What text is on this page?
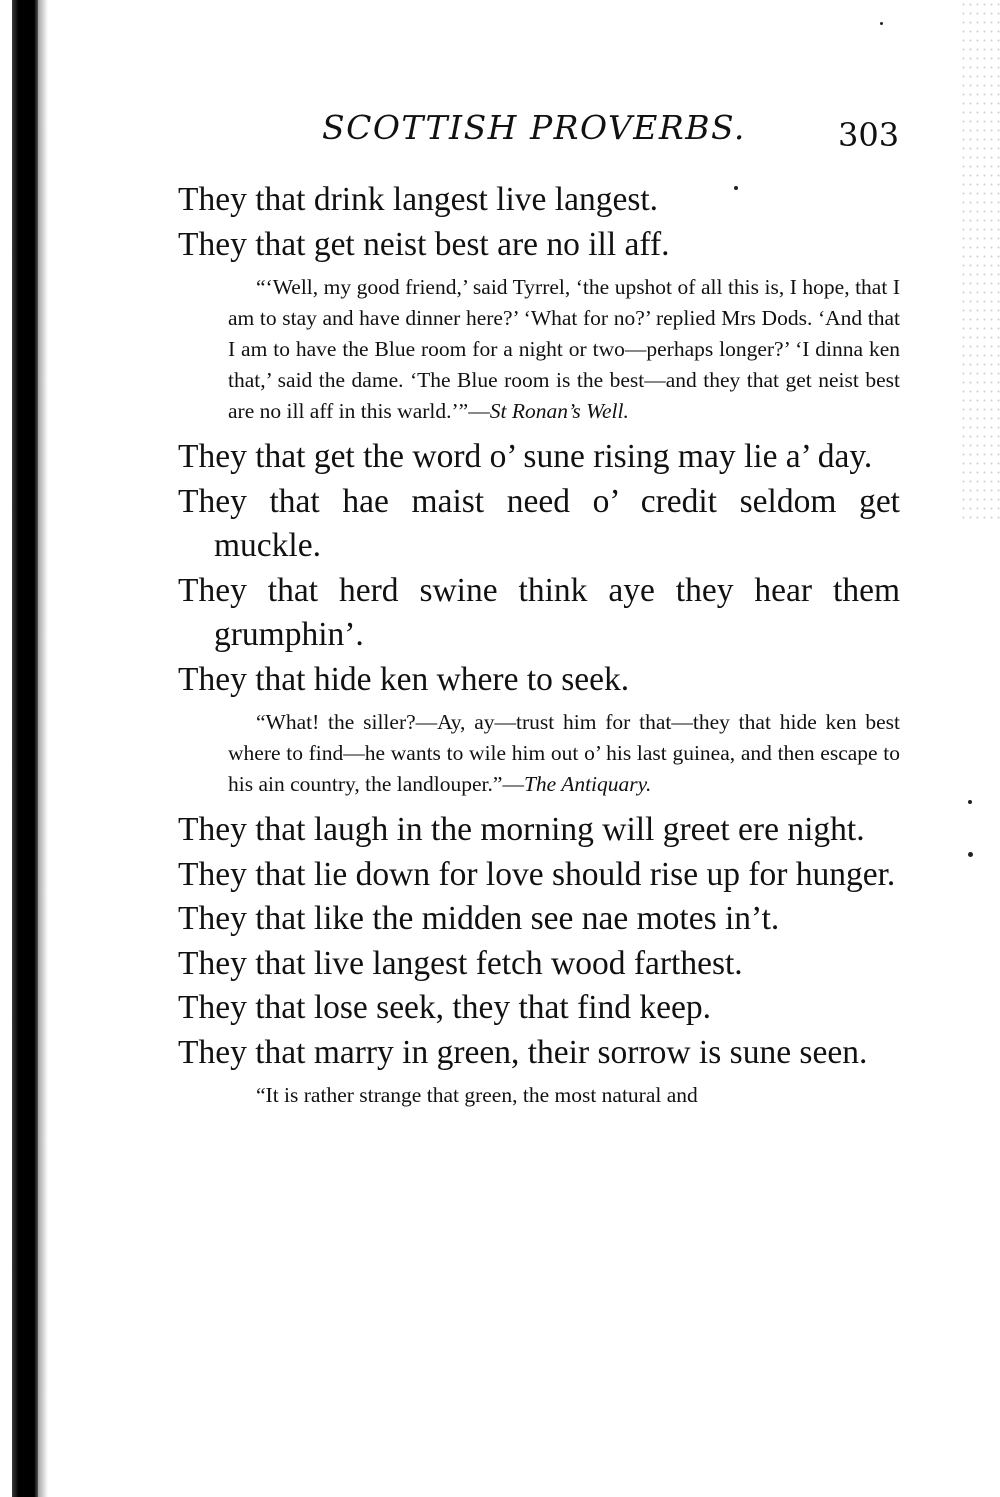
SCOTTISH PROVERBS.	303

They that drink langest live langest.

They that get neist best are no ill aff.

“‘Well, my good friend,’ said Tyrrel, ‘the upshot of all this is, I hope, that I am to stay and have dinner here?’ ‘What for no?’ replied Mrs Dods. ‘And that I am to have the Blue room for a night or two—perhaps longer?’ ‘I dinna ken that,’ said the dame. ‘The Blue room is the best—and they that get neist best are no ill aff in this warld.’”—St Ronan’s Well.

They that get the word o’ sune rising may lie a’ day.

They that hae maist need o’ credit seldom get muckle.

They that herd swine think aye they hear them grumphin’.

They that hide ken where to seek.

“What! the siller?—Ay, ay—trust him for that—they that hide ken best where to find—he wants to wile him out o’ his last guinea, and then escape to his ain country, the landlouper.”—The Antiquary.

They that laugh in the morning will greet ere night.

They that lie down for love should rise up for hunger.

They that like the midden see nae motes in’t.

They that live langest fetch wood farthest.

They that lose seek, they that find keep.

They that marry in green, their sorrow is sune seen.

“It is rather strange that green, the most natural and
